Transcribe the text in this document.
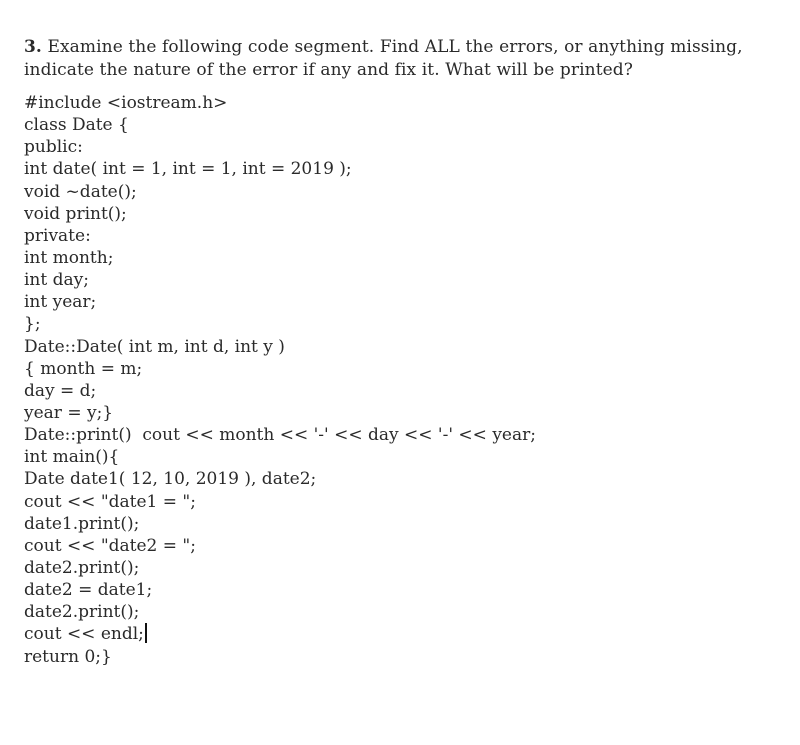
3. Examine the following code segment. Find ALL the errors, or anything missing, indicate the nature of the error if any and fix it. What will be printed?

#include <iostream.h>
class Date {
public:
int date( int = 1, int = 1, int = 2019 );
void ~date();
void print();
private:
int month;
int day;
int year;
};
Date::Date( int m, int d, int y )
{ month = m;
day = d;
year = y;}
Date::print()  cout << month << '-' << day << '-' << year;
int main(){
Date date1( 12, 10, 2019 ), date2;
cout << "date1 = ";
date1.print();
cout << "date2 = ";
date2.print();
date2 = date1;
date2.print();
cout << endl;
return 0;}
